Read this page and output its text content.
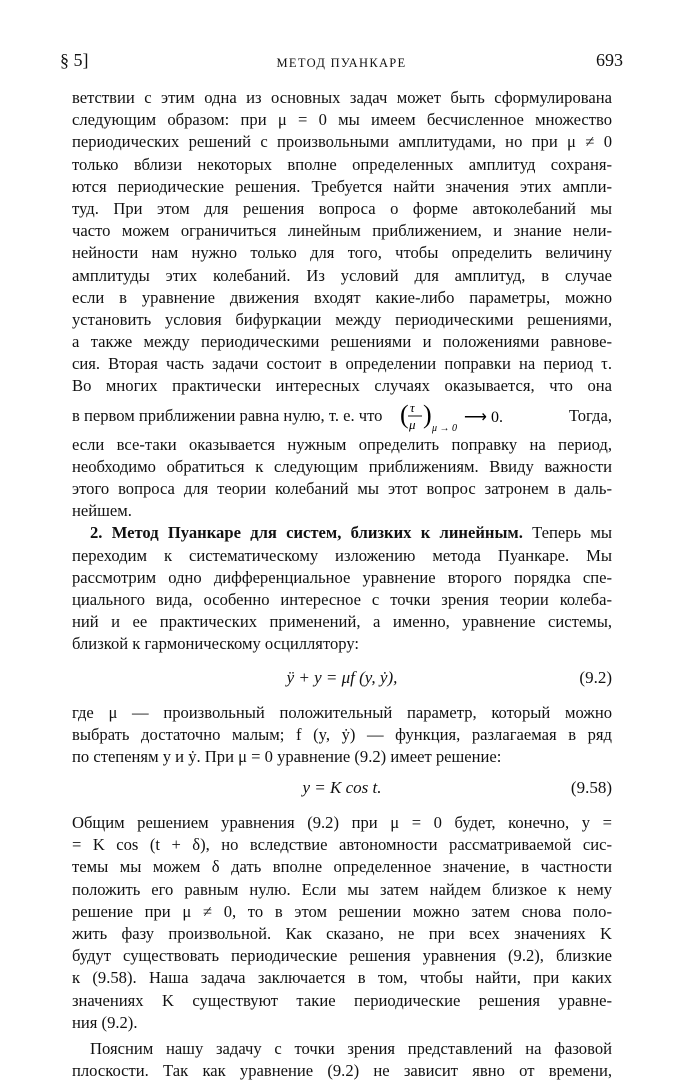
§ 5]	МЕТОД ПУАНКАРЕ	693
ветствии с этим одна из основных задач может быть сформулирована
следующим образом: при μ = 0 мы имеем бесчисленное множество
периодических решений с произвольными амплитудами, но при μ ≠ 0
только вблизи некоторых вполне определенных амплитуд сохраня-
ются периодические решения. Требуется найти значения этих ампли-
туд. При этом для решения вопроса о форме автоколебаний мы
часто можем ограничиться линейным приближением, и знание нели-
нейности нам нужно только для того, чтобы определить величину
амплитуды этих колебаний. Из условий для амплитуд, в случае
если в уравнение движения входят какие-либо параметры, можно
установить условия бифуркации между периодическими решениями,
а также между периодическими решениями и положениями равнове-
сия. Вторая часть задачи состоит в определении поправки на период τ.
Во многих практически интересных случаях оказывается, что она
в первом приближении равна нулю, т. е. что ( τ
μ ) μ → 0
⟶ 0.	Тогда,
если все-таки оказывается нужным определить поправку на период,
необходимо обратиться к следующим приближениям. Ввиду важности
этого вопроса для теории колебаний мы этот вопрос затронем в даль-
нейшем.
2. Метод Пуанкаре для систем, близких к линейным. Теперь мы
переходим к систематическому изложению метода Пуанкаре. Мы
рассмотрим одно дифференциальное уравнение второго порядка спе-
циального вида, особенно интересное с точки зрения теории колеба-
ний и ее практических применений, а именно, уравнение системы,
близкой к гармоническому осциллятору:
ÿ + y = μf (y, ẏ),	(9.2)
где μ — произвольный положительный параметр, который можно
выбрать достаточно малым; f (y, ẏ) — функция, разлагаемая в ряд
по степеням y и ẏ. При μ = 0 уравнение (9.2) имеет решение:
y = K cos t.	(9.58)
Общим решением уравнения (9.2) при μ = 0 будет, конечно, y =
= K cos (t + δ), но вследствие автономности рассматриваемой сис-
темы мы можем δ дать вполне определенное значение, в частности
положить его равным нулю. Если мы затем найдем близкое к нему
решение при μ ≠ 0, то в этом решении можно затем снова поло-
жить фазу произвольной. Как сказано, не при всех значениях K
будут существовать периодические решения уравнения (9.2), близкие
к (9.58). Наша задача заключается в том, чтобы найти, при каких
значениях K существуют такие периодические решения уравне-
ния (9.2).
Поясним нашу задачу с точки зрения представлений на фазовой
плоскости. Так как уравнение (9.2) не зависит явно от времени,
